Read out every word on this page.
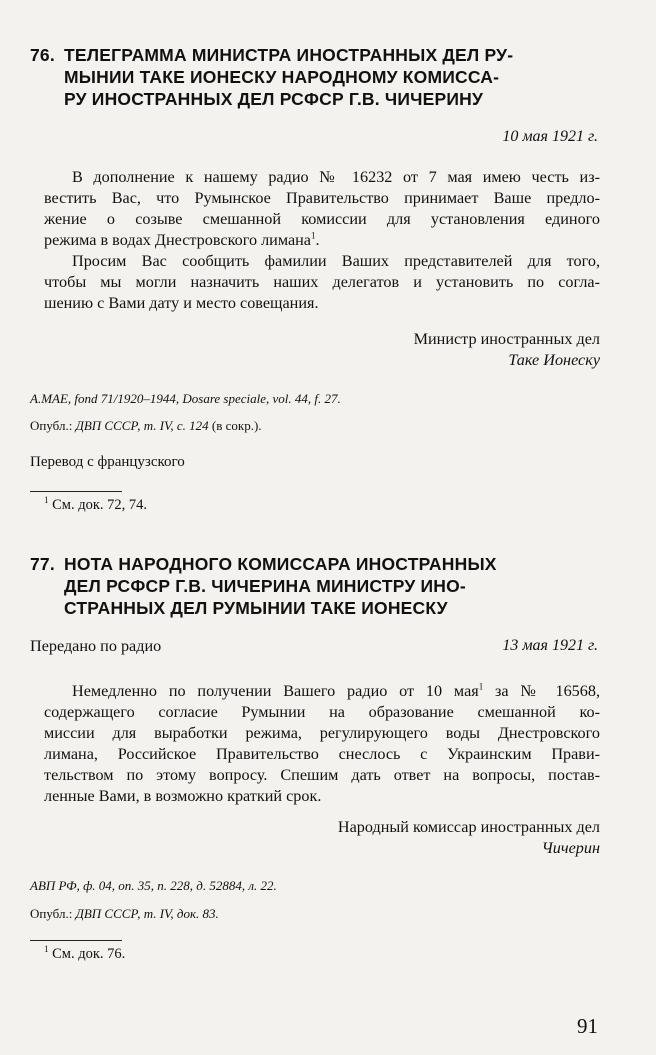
76. ТЕЛЕГРАММА МИНИСТРА ИНОСТРАННЫХ ДЕЛ РУ-
МЫНИИ ТАКЕ ИОНЕСКУ НАРОДНОМУ КОМИССА-
РУ ИНОСТРАННЫХ ДЕЛ РСФСР Г.В. ЧИЧЕРИНУ
10 мая 1921 г.
В дополнение к нашему радио № 16232 от 7 мая имею честь из-
вестить Вас, что Румынское Правительство принимает Ваше предло-
жение о созыве смешанной комиссии для установления единого
режима в водах Днестровского лимана$^1$.
Просим Вас сообщить фамилии Ваших представителей для того,
чтобы мы могли назначить наших делегатов и установить по согла-
шению с Вами дату и место совещания.
Министр иностранных дел
Таке Ионеску
A.MAE, fond 71/1920–1944, Dosare speciale, vol. 44, f. 27.
Опубл.: ДВП СССР, т. IV, с. 124 (в сокр.).
Перевод с французского
$^1$ См. док. 72, 74.
77. НОТА НАРОДНОГО КОМИССАРА ИНОСТРАННЫХ
ДЕЛ РСФСР Г.В. ЧИЧЕРИНА МИНИСТРУ ИНО-
СТРАННЫХ ДЕЛ РУМЫНИИ ТАКЕ ИОНЕСКУ
Передано по радио	13 мая 1921 г.
Немедленно по получении Вашего радио от 10 мая$^1$ за № 16568,
содержащего согласие Румынии на образование смешанной ко-
миссии для выработки режима, регулирующего воды Днестровского
лимана, Российское Правительство снеслось с Украинским Прави-
тельством по этому вопросу. Спешим дать ответ на вопросы, постав-
ленные Вами, в возможно краткий срок.
Народный комиссар иностранных дел
Чичерин
АВП РФ, ф. 04, оп. 35, п. 228, д. 52884, л. 22.
Опубл.: ДВП СССР, т. IV, док. 83.
$^1$ См. док. 76.
91
